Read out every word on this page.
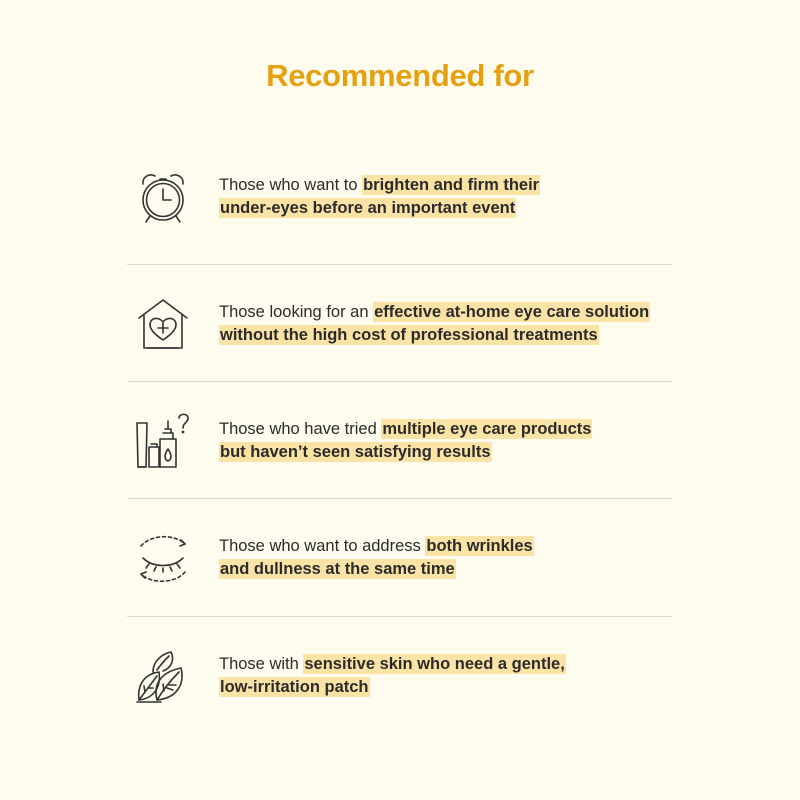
Recommended for
Those who want to brighten and firm their
under-eyes before an important event
Those looking for an effective at-home eye care solution
without the high cost of professional treatments
Those who have tried multiple eye care products
but haven’t seen satisfying results
Those who want to address both wrinkles
and dullness at the same time
Those with sensitive skin who need a gentle,
low-irritation patch
